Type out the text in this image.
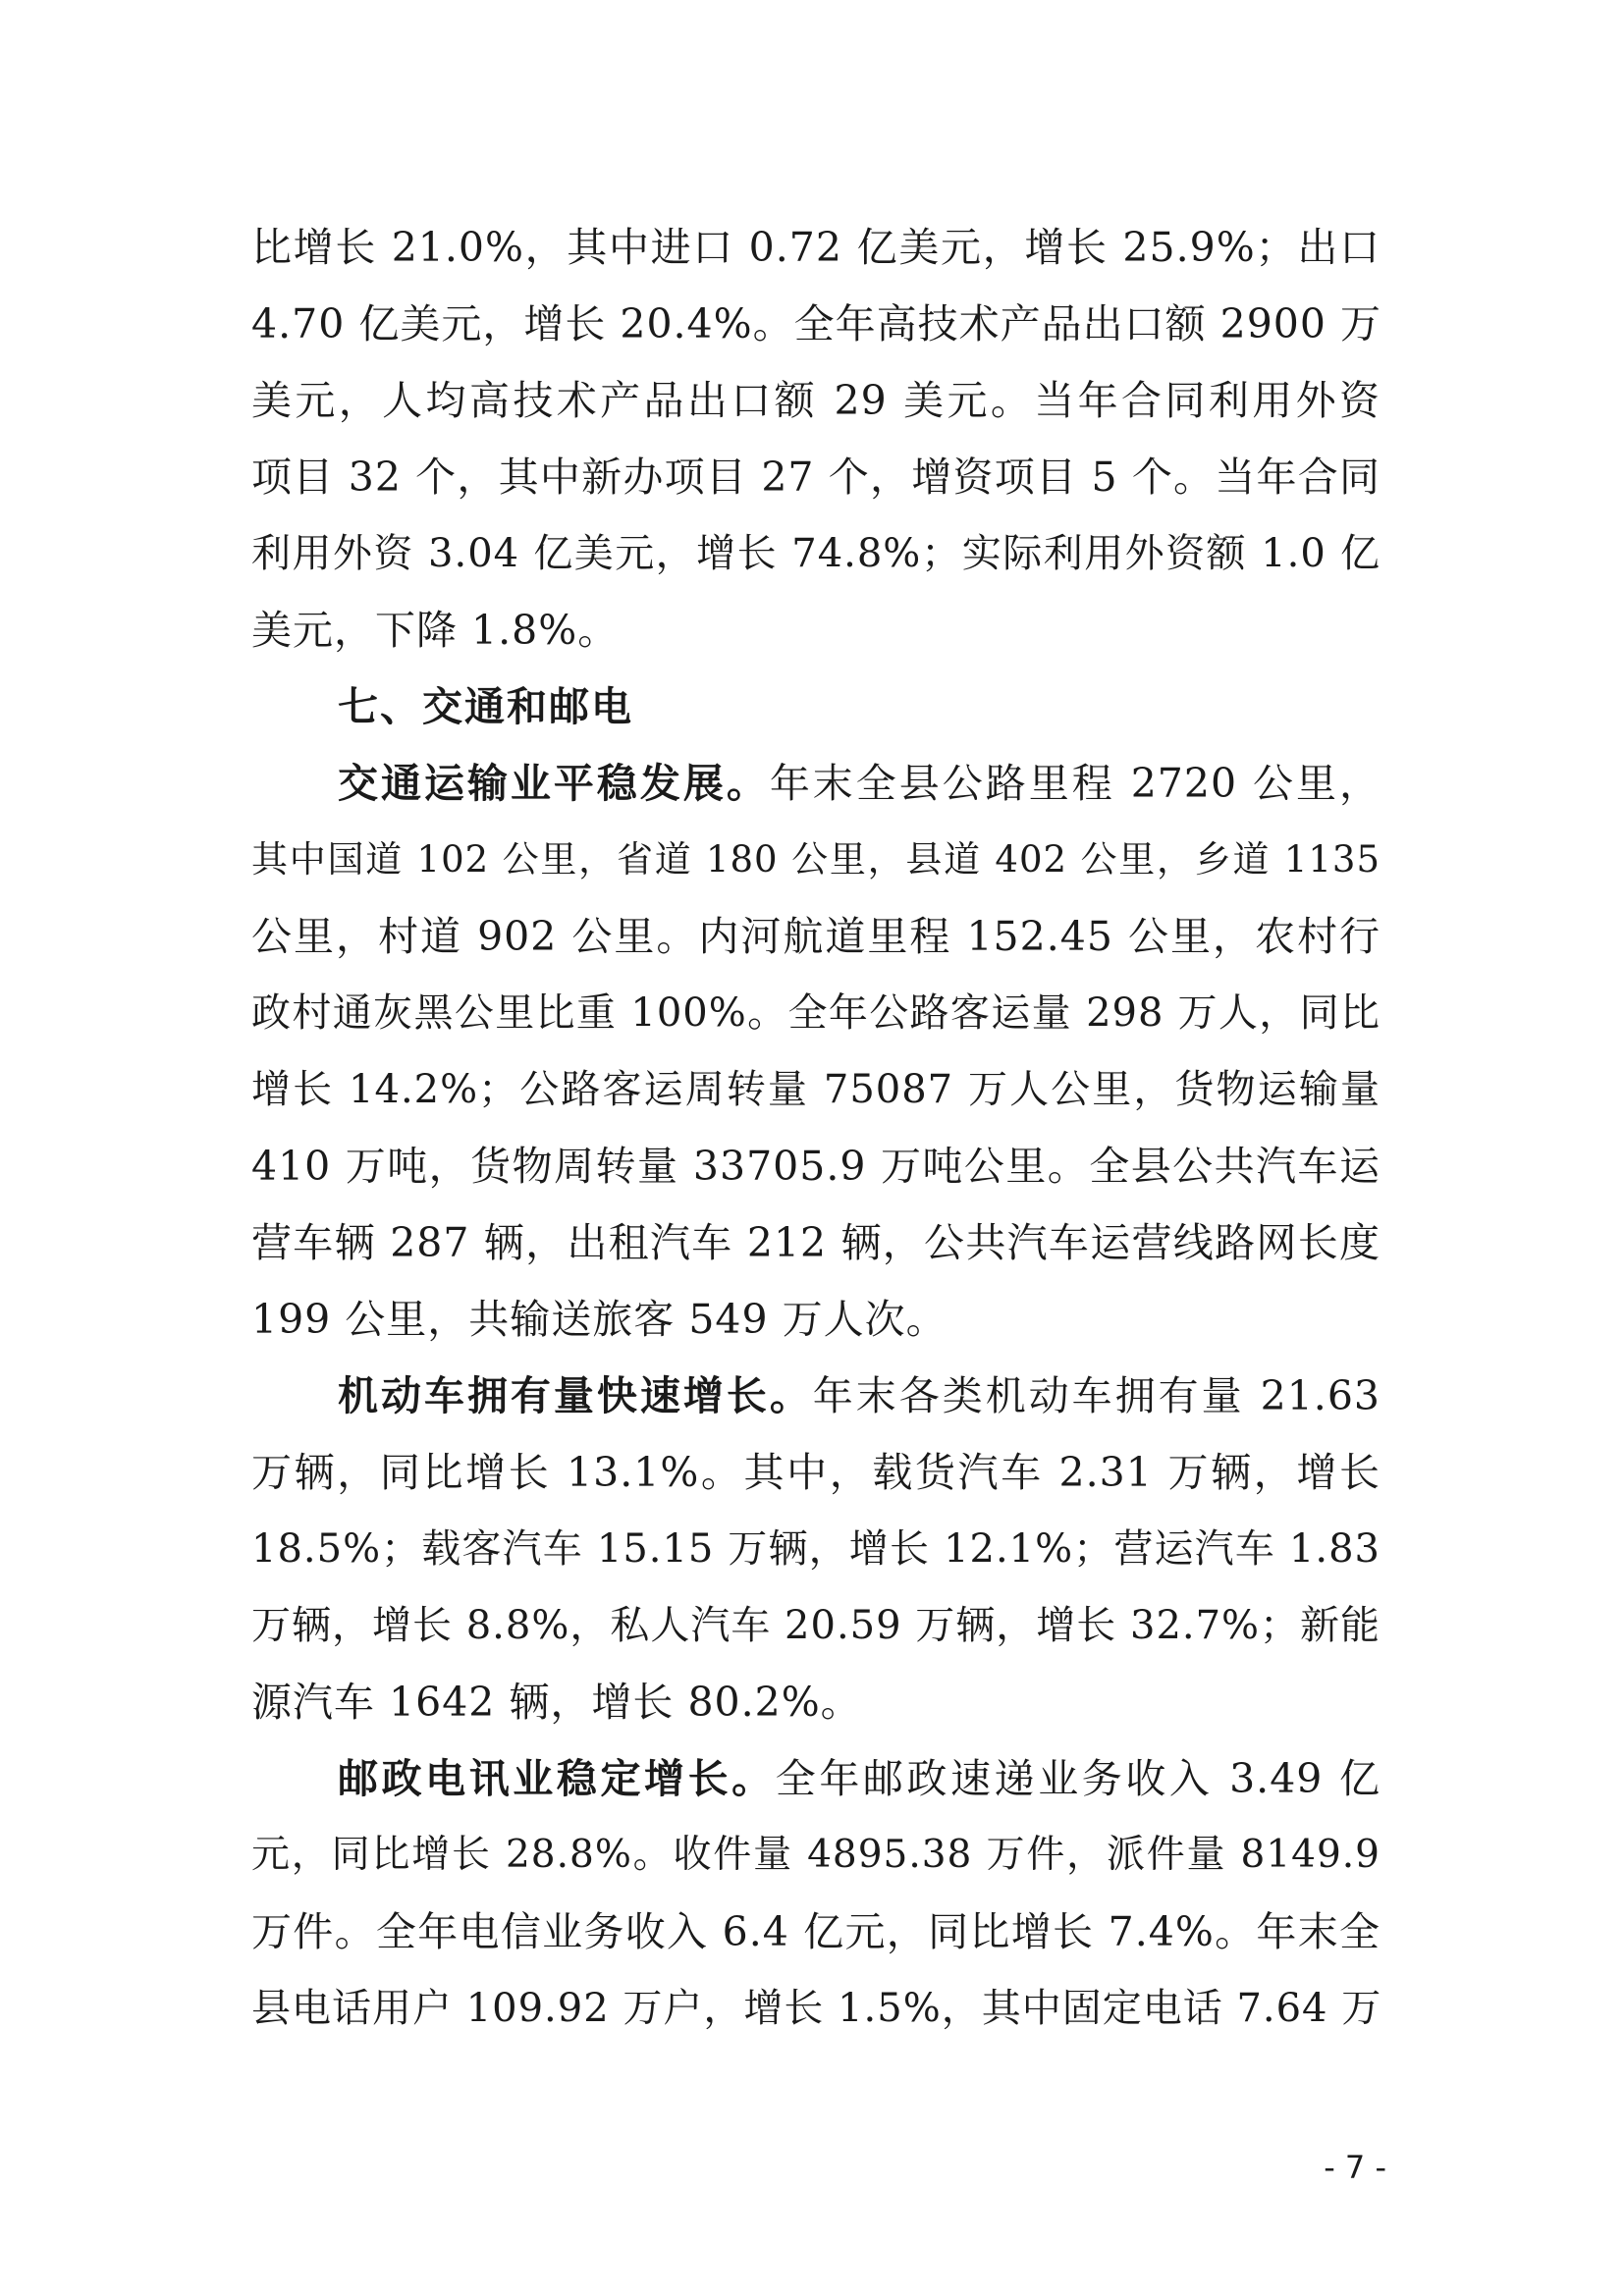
比增长 21.0%，其中进口 0.72 亿美元，增长 25.9%；出口
4.70 亿美元，增长 20.4%。全年高技术产品出口额 2900 万
美元，人均高技术产品出口额 29 美元。当年合同利用外资
项目 32 个，其中新办项目 27 个，增资项目 5 个。当年合同
利用外资 3.04 亿美元，增长 74.8%；实际利用外资额 1.0 亿
美元，下降 1.8%。
七、交通和邮电
交通运输业平稳发展。年末全县公路里程 2720 公里，
其中国道 102 公里，省道 180 公里，县道 402 公里，乡道 1135
公里，村道 902 公里。内河航道里程 152.45 公里，农村行
政村通灰黑公里比重 100%。全年公路客运量 298 万人，同比
增长 14.2%；公路客运周转量 75087 万人公里，货物运输量
410 万吨，货物周转量 33705.9 万吨公里。全县公共汽车运
营车辆 287 辆，出租汽车 212 辆，公共汽车运营线路网长度
199 公里，共输送旅客 549 万人次。
机动车拥有量快速增长。年末各类机动车拥有量 21.63
万辆，同比增长 13.1%。其中，载货汽车 2.31 万辆，增长
18.5%；载客汽车 15.15 万辆，增长 12.1%；营运汽车 1.83
万辆，增长 8.8%，私人汽车 20.59 万辆，增长 32.7%；新能
源汽车 1642 辆，增长 80.2%。
邮政电讯业稳定增长。全年邮政速递业务收入 3.49 亿
元，同比增长 28.8%。收件量 4895.38 万件，派件量 8149.9
万件。全年电信业务收入 6.4 亿元，同比增长 7.4%。年末全
县电话用户 109.92 万户，增长 1.5%，其中固定电话 7.64 万
- 7 -
